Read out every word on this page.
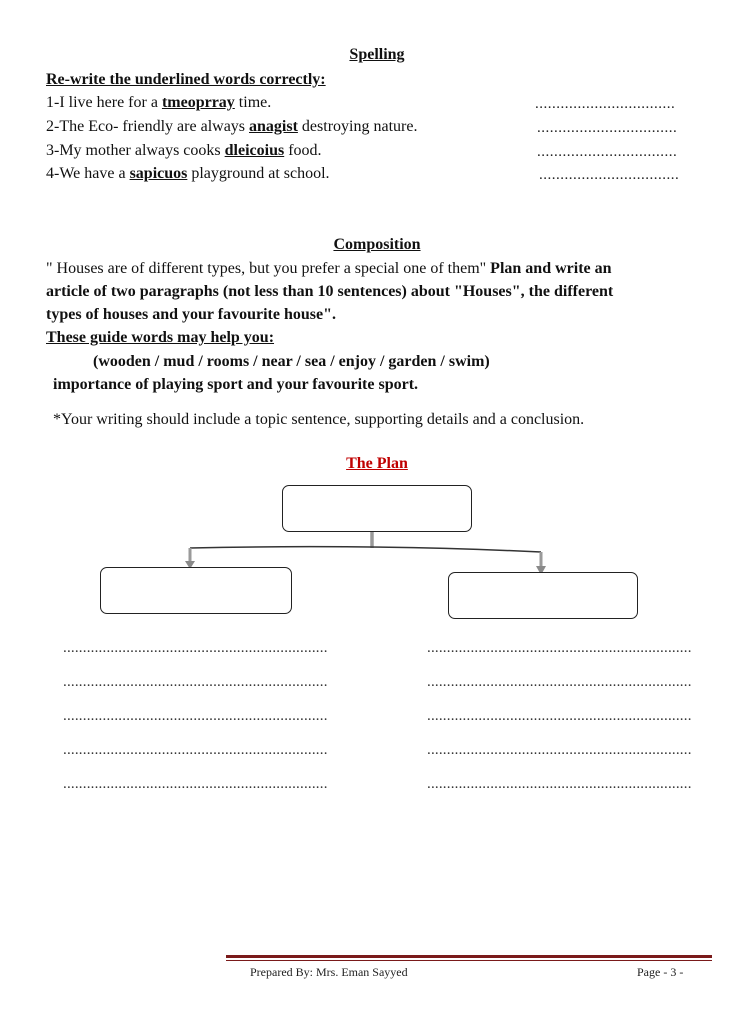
Spelling
Re-write the underlined words correctly:
1-I live here for a tmeoprray time.	.................................
2-The Eco- friendly are always anagist destroying nature.	.................................
3-My mother always cooks dleicoius food.	.................................
4-We have a sapicuos playground at school.	.................................
Composition
" Houses are of different types, but you prefer a special one of them" Plan and write an
article of two paragraphs (not less than 10 sentences) about "Houses", the different
types of houses and your favourite house".
These guide words may help you:
(wooden / mud / rooms / near / sea / enjoy / garden / swim)
importance of playing sport and your favourite sport.
*Your writing should include a topic sentence, supporting details and a conclusion.
The Plan
...................................................................
...................................................................
...................................................................
...................................................................
...................................................................
...................................................................
...................................................................
...................................................................
...................................................................
...................................................................
Prepared By: Mrs. Eman Sayyed	Page - 3 -
